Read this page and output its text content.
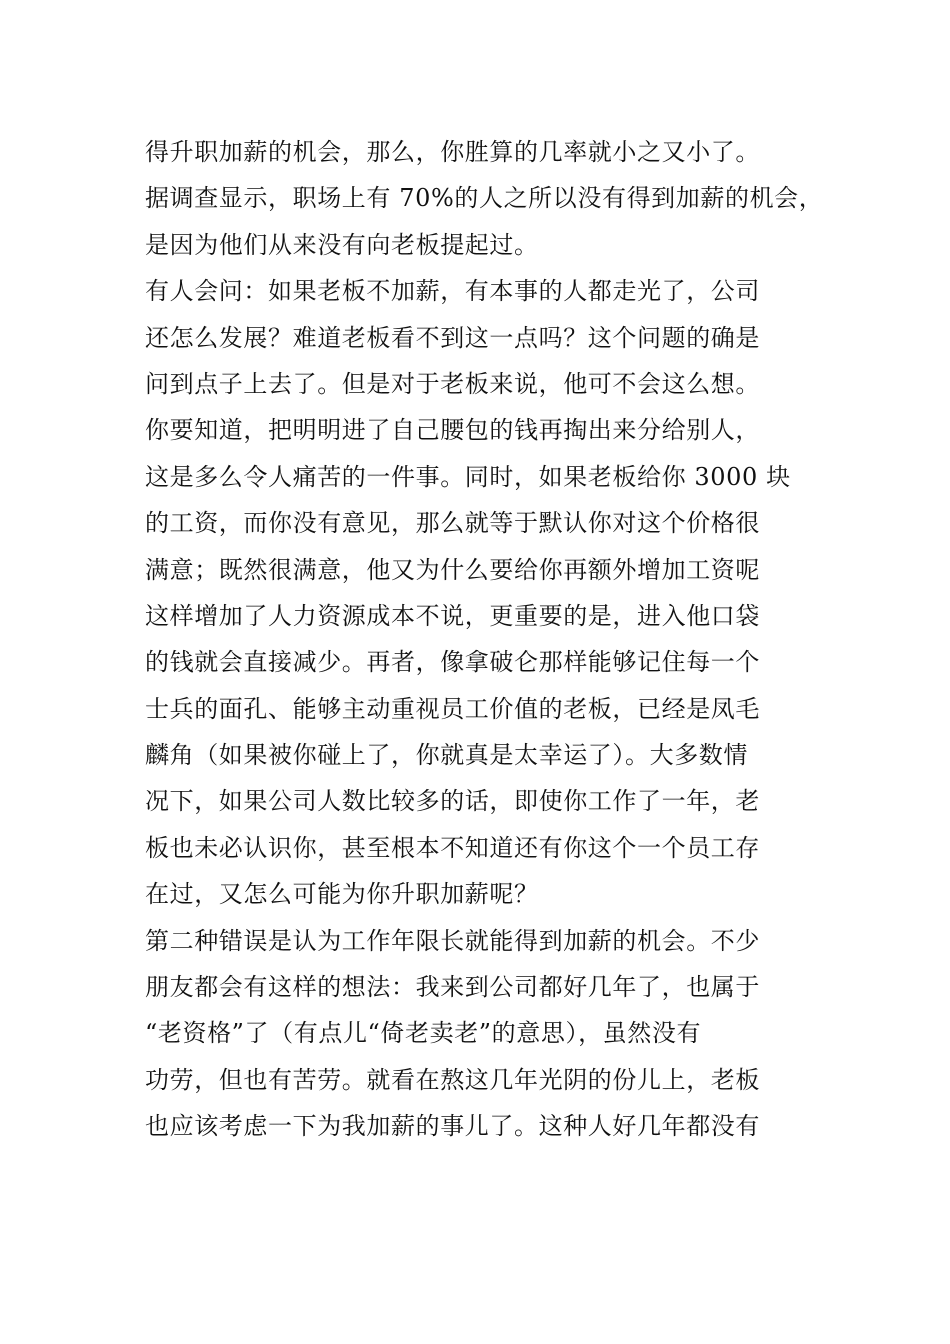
得升职加薪的机会，那么，你胜算的几率就小之又小了。
据调查显示，职场上有 70%的人之所以没有得到加薪的机会，
是因为他们从来没有向老板提起过。
有人会问：如果老板不加薪，有本事的人都走光了，公司
还怎么发展？难道老板看不到这一点吗？这个问题的确是
问到点子上去了。但是对于老板来说，他可不会这么想。
你要知道，把明明进了自己腰包的钱再掏出来分给别人，
这是多么令人痛苦的一件事。同时，如果老板给你 3000 块
的工资，而你没有意见，那么就等于默认你对这个价格很
满意；既然很满意，他又为什么要给你再额外增加工资呢
这样增加了人力资源成本不说，更重要的是，进入他口袋
的钱就会直接减少。再者，像拿破仑那样能够记住每一个
士兵的面孔、能够主动重视员工价值的老板，已经是凤毛
麟角（如果被你碰上了，你就真是太幸运了）。大多数情
况下，如果公司人数比较多的话，即使你工作了一年，老
板也未必认识你，甚至根本不知道还有你这个一个员工存
在过，又怎么可能为你升职加薪呢？
第二种错误是认为工作年限长就能得到加薪的机会。不少
朋友都会有这样的想法：我来到公司都好几年了，也属于
“老资格”了（有点儿“倚老卖老”的意思），虽然没有
功劳，但也有苦劳。就看在熬这几年光阴的份儿上，老板
也应该考虑一下为我加薪的事儿了。这种人好几年都没有
